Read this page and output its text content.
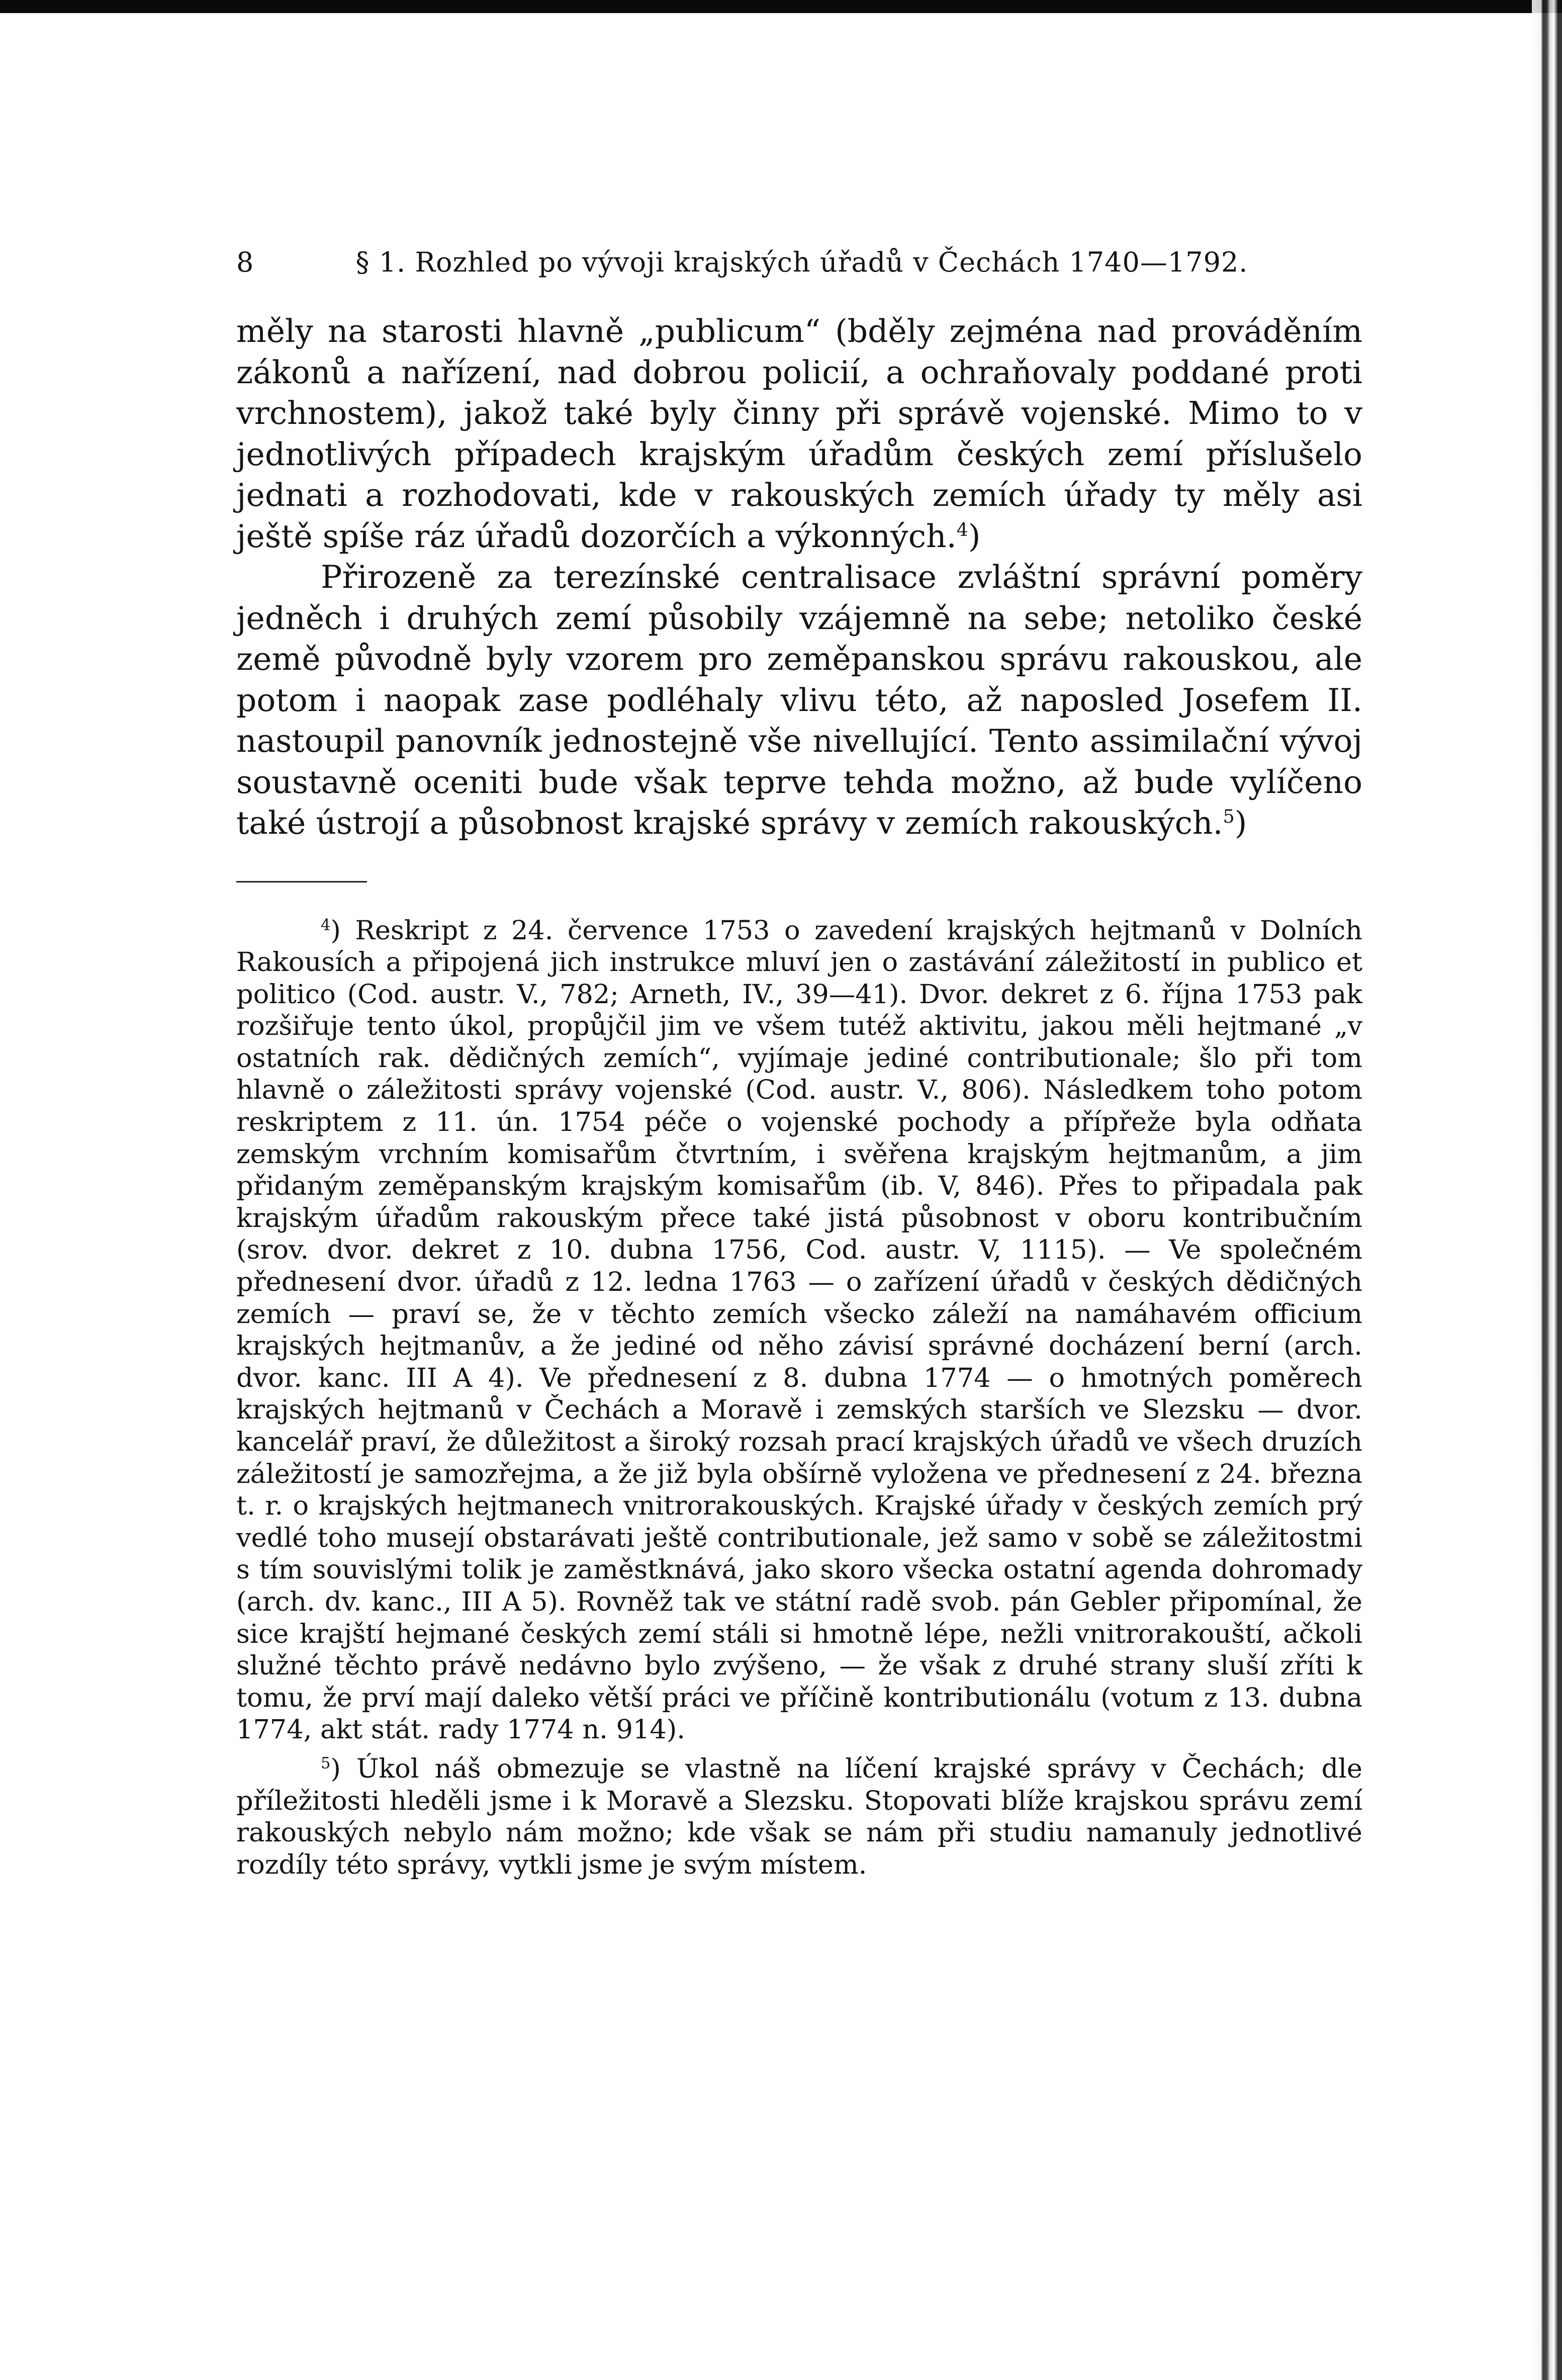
8	§ 1. Rozhled po vývoji krajských úřadů v Čechách 1740—1792.

měly na starosti hlavně „publicum“ (bděly zejména nad prováděním zákonů a nařízení, nad dobrou policií, a ochraňovaly poddané proti vrchnostem), jakož také byly činny při správě vojenské. Mimo to v jednotlivých případech krajským úřadům českých zemí příslušelo jednati a rozhodovati, kde v rakouských zemích úřady ty měly asi ještě spíše ráz úřadů dozorčích a výkonných.$^4$)

Přirozeně za terezínské centralisace zvláštní správní poměry jedněch i druhých zemí působily vzájemně na sebe; netoliko české země původně byly vzorem pro zeměpanskou správu rakouskou, ale potom i naopak zase podléhaly vlivu této, až naposled Josefem II. nastoupil panovník jednostejně vše nivellující. Tento assimilační vývoj soustavně oceniti bude však teprve tehda možno, až bude vylíčeno také ústrojí a působnost krajské správy v zemích rakouských.$^5$)

$^4$) Reskript z 24. července 1753 o zavedení krajských hejtmanů v Dolních Rakousích a připojená jich instrukce mluví jen o zastávání záležitostí in publico et politico (Cod. austr. V., 782; Arneth, IV., 39—41). Dvor. dekret z 6. října 1753 pak rozšiřuje tento úkol, propůjčil jim ve všem tutéž aktivitu, jakou měli hejtmané „v ostatních rak. dědičných zemích“, vyjímaje jediné contributionale; šlo při tom hlavně o záležitosti správy vojenské (Cod. austr. V., 806). Následkem toho potom reskriptem z 11. ún. 1754 péče o vojenské pochody a přípřeže byla odňata zemským vrchním komisařům čtvrtním, i svěřena krajským hejtmanům, a jim přidaným zeměpanským krajským komisařům (ib. V, 846). Přes to připadala pak krajským úřadům rakouským přece také jistá působnost v oboru kontribučním (srov. dvor. dekret z 10. dubna 1756, Cod. austr. V, 1115). — Ve společném přednesení dvor. úřadů z 12. ledna 1763 — o zařízení úřadů v českých dědičných zemích — praví se, že v těchto zemích všecko záleží na namáhavém officium krajských hejtmanův, a že jediné od něho závisí správné docházení berní (arch. dvor. kanc. III A 4). Ve přednesení z 8. dubna 1774 — o hmotných poměrech krajských hejtmanů v Čechách a Moravě i zemských starších ve Slezsku — dvor. kancelář praví, že důležitost a široký rozsah prací krajských úřadů ve všech druzích záležitostí je samozřejma, a že již byla obšírně vyložena ve přednesení z 24. března t. r. o krajských hejtmanech vnitrorakouských. Krajské úřady v českých zemích prý vedlé toho musejí obstarávati ještě contributionale, jež samo v sobě se záležitostmi s tím souvislými tolik je zaměstknává, jako skoro všecka ostatní agenda dohromady (arch. dv. kanc., III A 5). Rovněž tak ve státní radě svob. pán Gebler připomínal, že sice krajští hejmané českých zemí stáli si hmotně lépe, nežli vnitrorakouští, ačkoli služné těchto právě nedávno bylo zvýšeno, — že však z druhé strany sluší zříti k tomu, že prví mají daleko větší práci ve příčině kontributionálu (votum z 13. dubna 1774, akt stát. rady 1774 n. 914).

$^5$) Úkol náš obmezuje se vlastně na líčení krajské správy v Čechách; dle příležitosti hleděli jsme i k Moravě a Slezsku. Stopovati blíže krajskou správu zemí rakouských nebylo nám možno; kde však se nám při studiu namanuly jednotlivé rozdíly této správy, vytkli jsme je svým místem.
